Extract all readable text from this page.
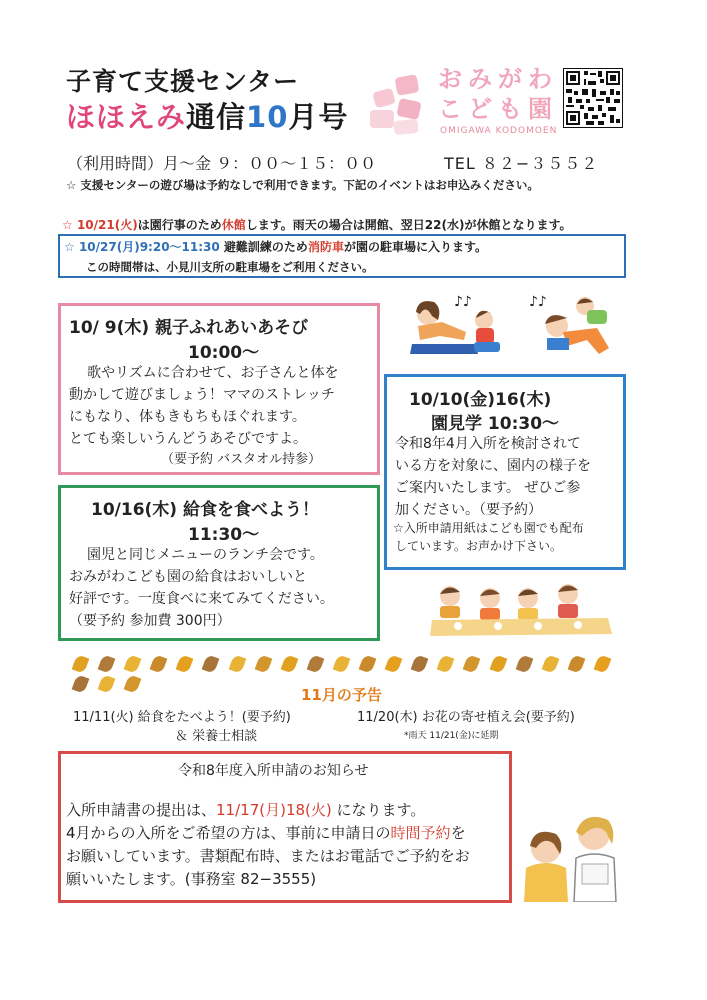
子育て支援センター
ほほえみ通信10月号
おみがわ
こども園
OMIGAWA KODOMOEN
（利用時間）月〜金 ９：００〜１５：００	TEL ８２−３５５２
☆ 支援センターの遊び場は予約なしで利用できます。下記のイベントはお申込みください。
☆ 10/21(火)は園行事のため休館します。雨天の場合は開館、翌日22(水)が休館となります。
☆ 10/27(月)9:20〜11:30 避難訓練のため消防車が園の駐車場に入ります。
この時間帯は、小見川支所の駐車場をご利用ください。
♪♪	♪♪
10/ 9(木) 親子ふれあいあそび
10:00〜
歌やリズムに合わせて、お子さんと体を
動かして遊びましょう！ママのストレッチ
にもなり、体もきもちもほぐれます。
とても楽しいうんどうあそびですよ。
（要予約 バスタオル持参）
10/16(木) 給食を食べよう！
11:30〜
園児と同じメニューのランチ会です。
おみがわこども園の給食はおいしいと
好評です。一度食べに来てみてください。
（要予約 参加費 300円）
10/10(金)16(木)
園見学 10:30〜
令和8年4月入所を検討されて
いる方を対象に、園内の様子を
ご案内いたします。 ぜひご参
加ください。（要予約）
☆入所申請用紙はこども園でも配布
しています。お声かけ下さい。

11月の予告
11/11(火) 給食をたべよう！(要予約)
＆ 栄養士相談
11/20(木) お花の寄せ植え会(要予約)
*雨天 11/21(金)に延期
令和8年度入所申請のお知らせ
入所申請書の提出は、11/17(月)18(火) になります。
4月からの入所をご希望の方は、事前に申請日の時間予約を
お願いしています。書類配布時、またはお電話でご予約をお
願いいたします。(事務室 82−3555)
